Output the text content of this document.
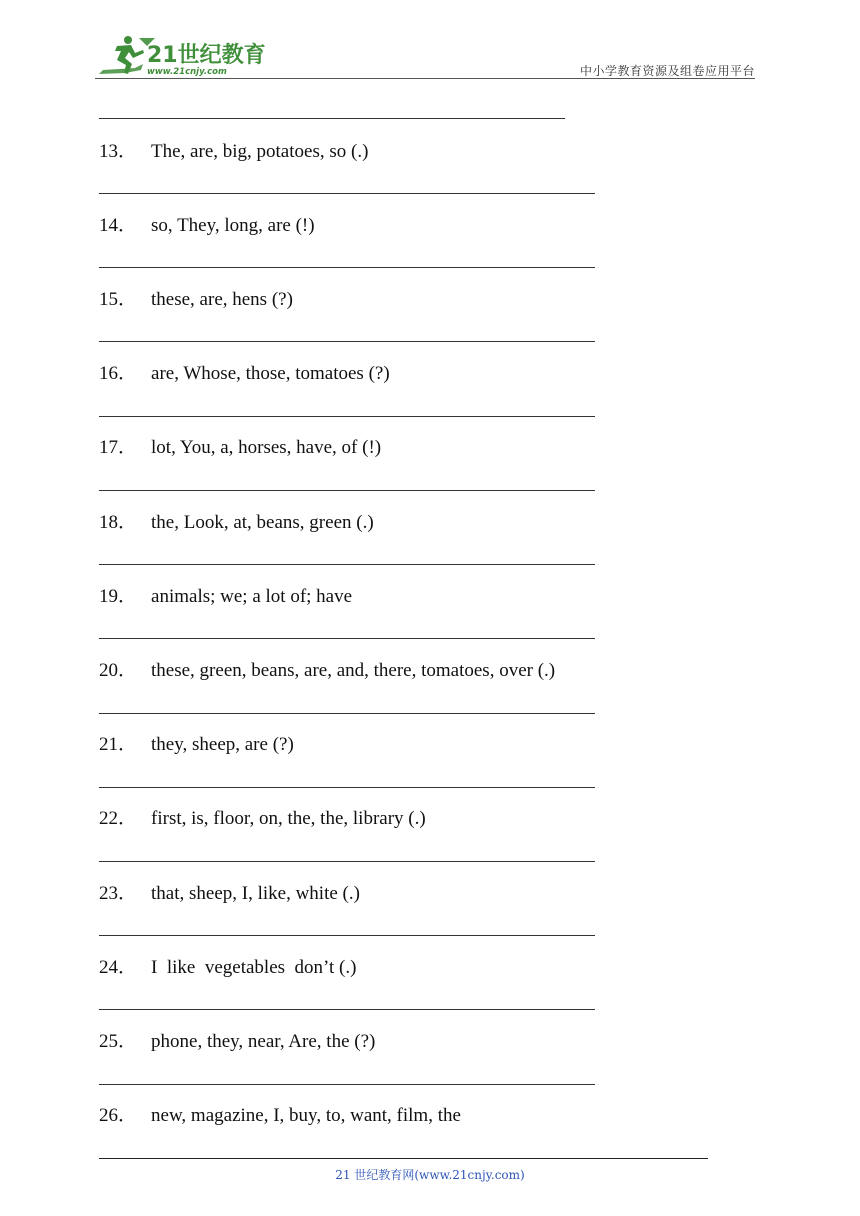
21世纪教育
www.21cnjy.com	中小学教育资源及组卷应用平台
13． The, are, big, potatoes, so (.)
14． so, They, long, are (!)
15． these, are, hens (?)
16． are, Whose, those, tomatoes (?)
17． lot, You, a, horses, have, of (!)
18． the, Look, at, beans, green (.)
19． animals; we; a lot of; have
20． these, green, beans, are, and, there, tomatoes, over (.)
21． they, sheep, are (?)
22． first, is, floor, on, the, the, library (.)
23． that, sheep, I, like, white (.)
24． I  like  vegetables  don’t (.)
25． phone, they, near, Are, the (?)
26． new, magazine, I, buy, to, want, film, the
21 世纪教育网(www.21cnjy.com)
